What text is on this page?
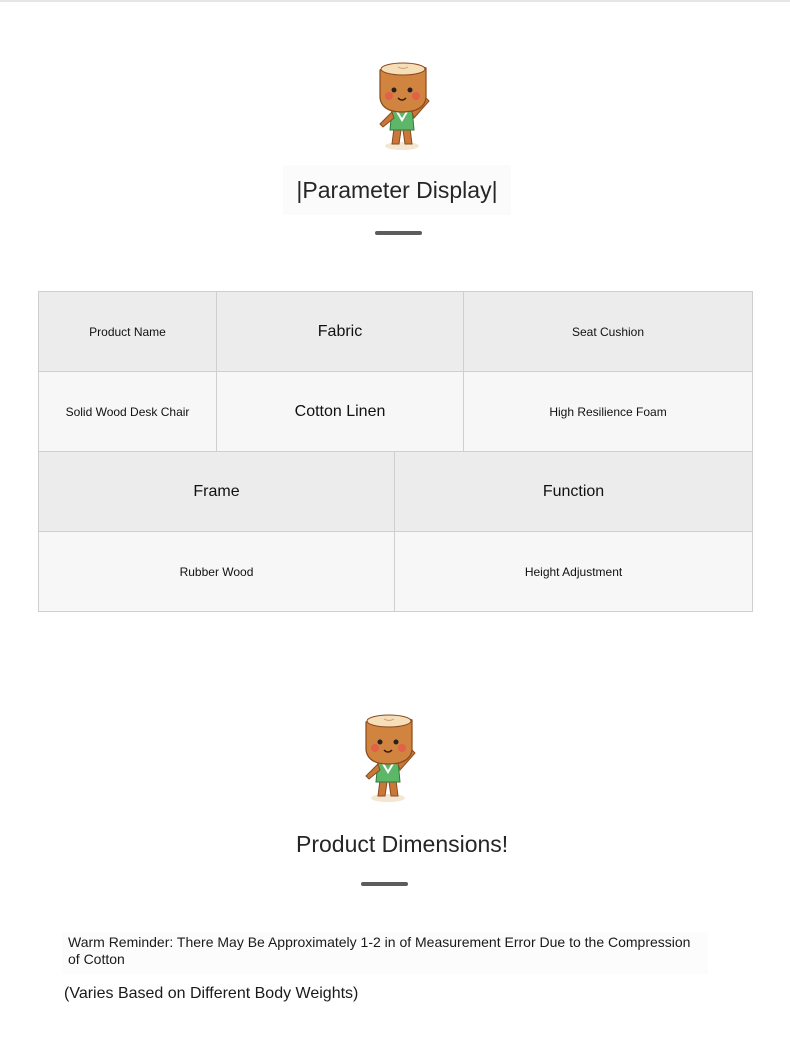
|Parameter Display|
Product Name	Fabric		Seat Cushion
Solid Wood Desk Chair	Cotton Linen		High Resilience Foam
Frame		Function	
Rubber Wood		Height Adjustment	
Product Dimensions!
Warm Reminder: There May Be Approximately 1-2 in of Measurement Error Due to the Compression of Cotton
(Varies Based on Different Body Weights)
